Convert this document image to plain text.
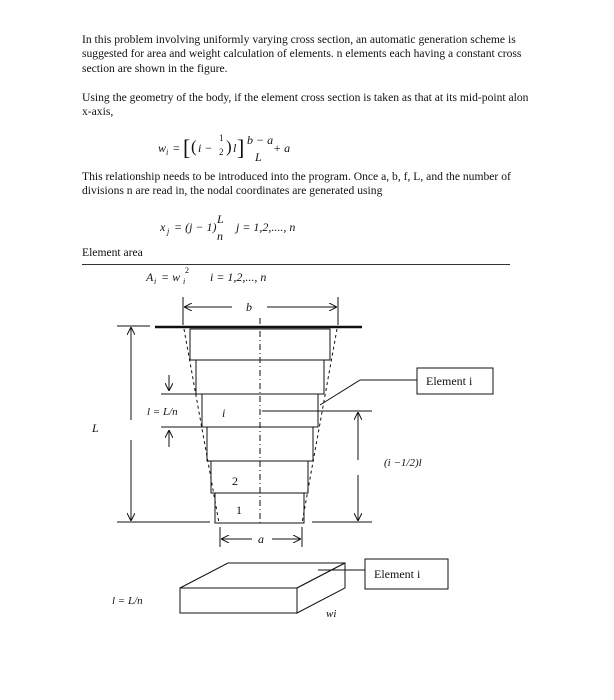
In this problem involving uniformly varying cross section, an automatic generation scheme is suggested for area and weight calculation of elements. n elements each having a constant cross section are shown in the figure.

Using the geometry of the body, if the element cross section is taken as that at its mid-point alon x-axis,

w i = [ ( i −
1
2 ) l ] b − a
L
+ a

This relationship needs to be introduced into the program. Once a, b, f, L, and the number of divisions n are read in, the nodal coordinates are generated using

x j = (j − 1)
L
n
j = 1,2,...., n

Element area

A i = w i
2 i = 1,2,..., n
b
i
2
1
L
l = L/n
(i −1/2)l
Element i
a
Element i
l = L/n
wi
